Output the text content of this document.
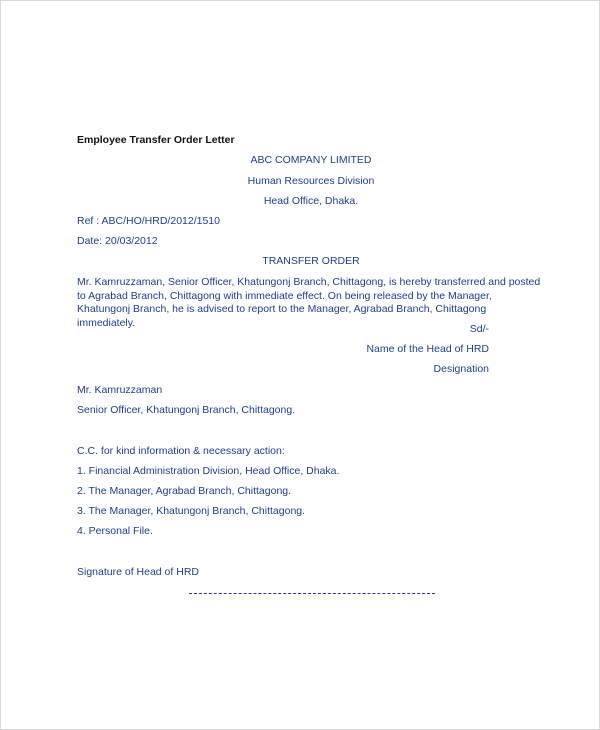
Employee Transfer Order Letter
ABC COMPANY LIMITED
Human Resources Division
Head Office, Dhaka.
Ref : ABC/HO/HRD/2012/1510
Date: 20/03/2012
TRANSFER ORDER
Mr. Kamruzzaman, Senior Officer, Khatungonj Branch, Chittagong, is hereby transferred and posted to Agrabad Branch, Chittagong with immediate effect. On being released by the Manager, Khatungonj Branch, he is advised to report to the Manager, Agrabad Branch, Chittagong immediately.
Sd/-
Name of the Head of HRD
Designation
Mr. Kamruzzaman
Senior Officer, Khatungonj Branch, Chittagong.
C.C. for kind information & necessary action:
1. Financial Administration Division, Head Office, Dhaka.
2. The Manager, Agrabad Branch, Chittagong.
3. The Manager, Khatungonj Branch, Chittagong.
4. Personal File.
Signature of Head of HRD
